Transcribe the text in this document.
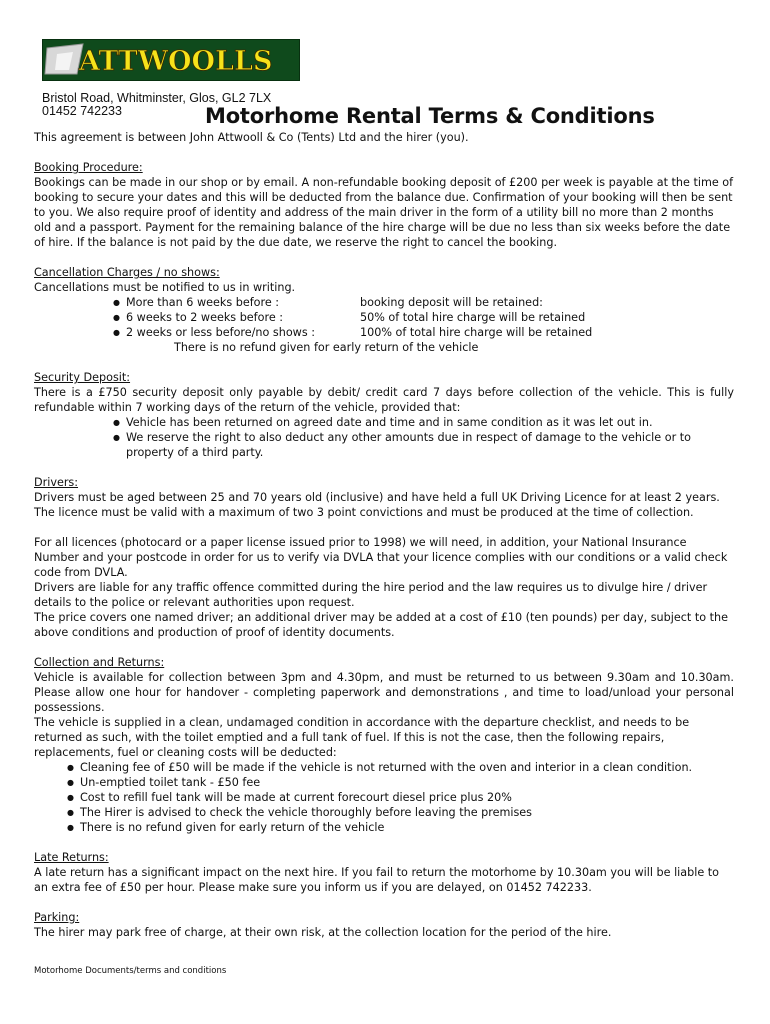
ATTWOOLLS
Bristol Road, Whitminster, Glos, GL2 7LX
01452 742233	Motorhome Rental Terms & Conditions

This agreement is between John Attwooll & Co (Tents) Ltd and the hirer (you).

Booking Procedure:

Bookings can be made in our shop or by email. A non-refundable booking deposit of £200 per week is payable at the time of booking to secure your dates and this will be deducted from the balance due. Confirmation of your booking will then be sent to you. We also require proof of identity and address of the main driver in the form of a utility bill no more than 2 months old and a passport. Payment for the remaining balance of the hire charge will be due no less than six weeks before the date of hire. If the balance is not paid by the due date, we reserve the right to cancel the booking.

Cancellation Charges / no shows:

Cancellations must be notified to us in writing.

● More than 6 weeks before :	booking deposit will be retained:
● 6 weeks to 2 weeks before :	50% of total hire charge will be retained
● 2 weeks or less before/no shows :	100% of total hire charge will be retained

There is no refund given for early return of the vehicle

Security Deposit:

There is a £750 security deposit only payable by debit/ credit card 7 days before collection of the vehicle. This is fully refundable within 7 working days of the return of the vehicle, provided that:

● Vehicle has been returned on agreed date and time and in same condition as it was let out in.
● We reserve the right to also deduct any other amounts due in respect of damage to the vehicle or to property of a third party.

Drivers:

Drivers must be aged between 25 and 70 years old (inclusive) and have held a full UK Driving Licence for at least 2 years. The licence must be valid with a maximum of two 3 point convictions and must be produced at the time of collection.

For all licences (photocard or a paper license issued prior to 1998) we will need, in addition, your National Insurance Number and your postcode in order for us to verify via DVLA that your licence complies with our conditions or a valid check code from DVLA.

Drivers are liable for any traffic offence committed during the hire period and the law requires us to divulge hire / driver details to the police or relevant authorities upon request.

The price covers one named driver; an additional driver may be added at a cost of £10 (ten pounds) per day, subject to the above conditions and production of proof of identity documents.

Collection and Returns:

Vehicle is available for collection between 3pm and 4.30pm, and must be returned to us between 9.30am and 10.30am. Please allow one hour for handover - completing paperwork and demonstrations , and time to load/unload your personal possessions.

The vehicle is supplied in a clean, undamaged condition in accordance with the departure checklist, and needs to be returned as such, with the toilet emptied and a full tank of fuel. If this is not the case, then the following repairs, replacements, fuel or cleaning costs will be deducted:

● Cleaning fee of £50 will be made if the vehicle is not returned with the oven and interior in a clean condition.
● Un-emptied toilet tank - £50 fee
● Cost to refill fuel tank will be made at current forecourt diesel price plus 20%
● The Hirer is advised to check the vehicle thoroughly before leaving the premises
● There is no refund given for early return of the vehicle

Late Returns:

A late return has a significant impact on the next hire. If you fail to return the motorhome by 10.30am you will be liable to an extra fee of £50 per hour. Please make sure you inform us if you are delayed, on 01452 742233.

Parking:

The hirer may park free of charge, at their own risk, at the collection location for the period of the hire.

Motorhome Documents/terms and conditions
